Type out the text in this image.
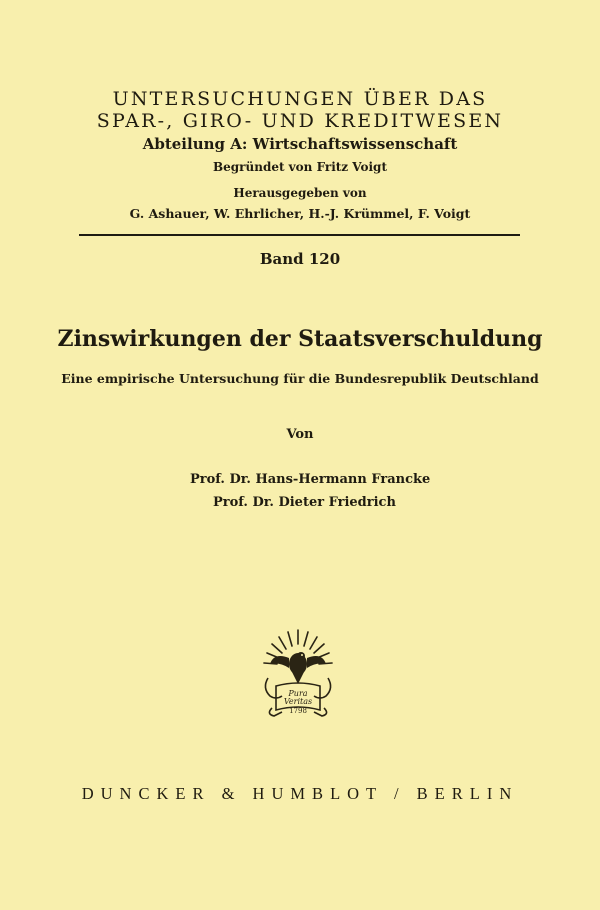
UNTERSUCHUNGEN ÜBER DAS
SPAR-, GIRO- UND KREDITWESEN
Abteilung A: Wirtschaftswissenschaft
Begründet von Fritz Voigt
Herausgegeben von
G. Ashauer, W. Ehrlicher, H.-J. Krümmel, F. Voigt
Band 120
Zinswirkungen der Staatsverschuldung
Eine empirische Untersuchung für die Bundesrepublik Deutschland
Von
Prof. Dr. Hans-Hermann Francke
Prof. Dr. Dieter Friedrich
Pura
Veritas
1798
DUNCKER & HUMBLOT / BERLIN
